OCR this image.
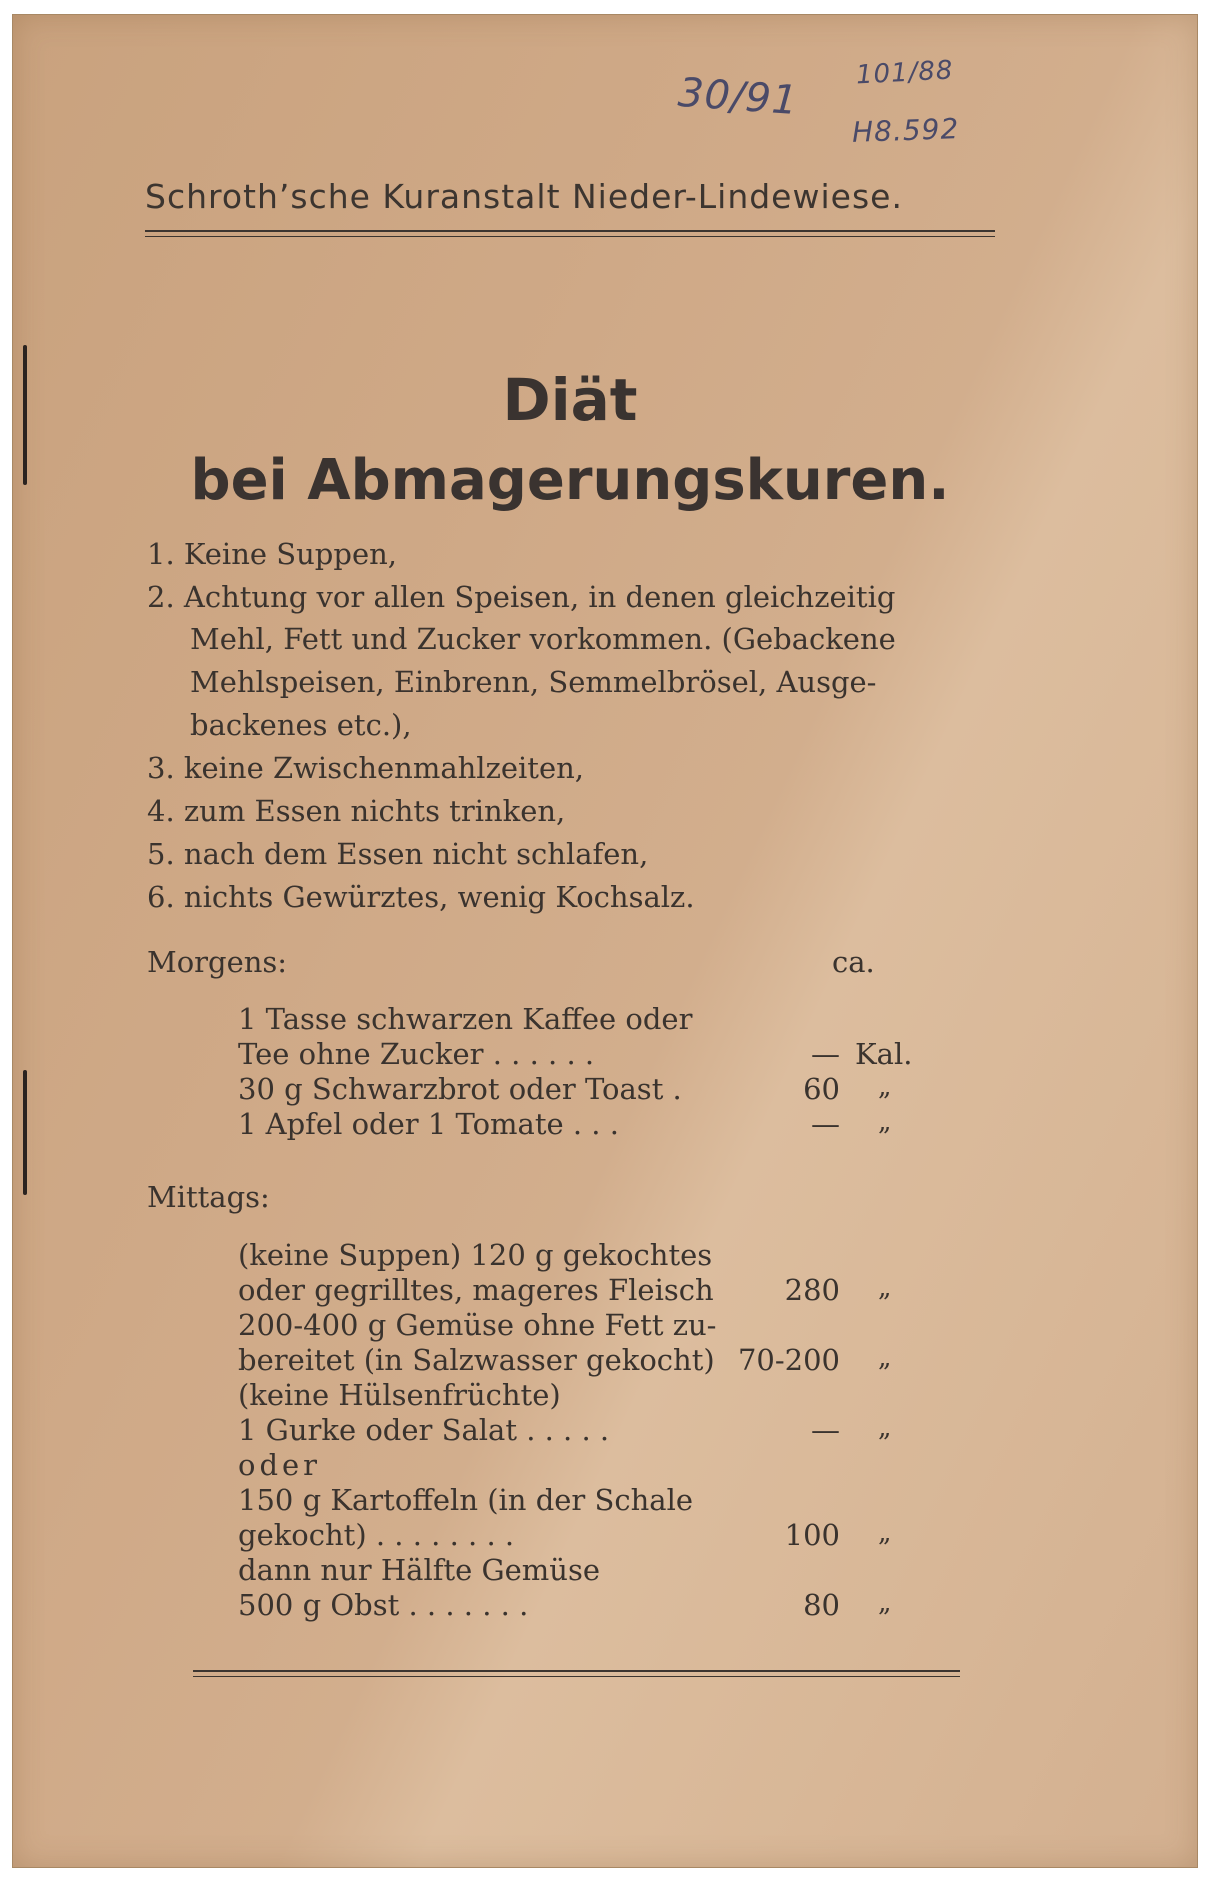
30/91 101/88
H8.592
Schroth’sche Kuranstalt Nieder-Lindewiese.
Diät
bei Abmagerungskuren.
1. Keine Suppen,
2. Achtung vor allen Speisen, in denen gleichzeitig
Mehl, Fett und Zucker vorkommen. (Gebackene
Mehlspeisen, Einbrenn, Semmelbrösel, Ausge-
backenes etc.),
3. keine Zwischenmahlzeiten,
4. zum Essen nichts trinken,
5. nach dem Essen nicht schlafen,
6. nichts Gewürztes, wenig Kochsalz.
Morgens:	ca.
1 Tasse schwarzen Kaffee oder
Tee ohne Zucker . . . . . .	— Kal.
30 g Schwarzbrot oder Toast .	60 „
1 Apfel oder 1 Tomate . . .	— „
Mittags:
(keine Suppen) 120 g gekochtes
oder gegrilltes, mageres Fleisch	280 „
200-400 g Gemüse ohne Fett zu-
bereitet (in Salzwasser gekocht) 70-200 „
(keine Hülsenfrüchte)
1 Gurke oder Salat . . . . .	— „
oder
150 g Kartoffeln (in der Schale
gekocht) . . . . . . . .	100 „
dann nur Hälfte Gemüse
500 g Obst . . . . . . .	80 „
